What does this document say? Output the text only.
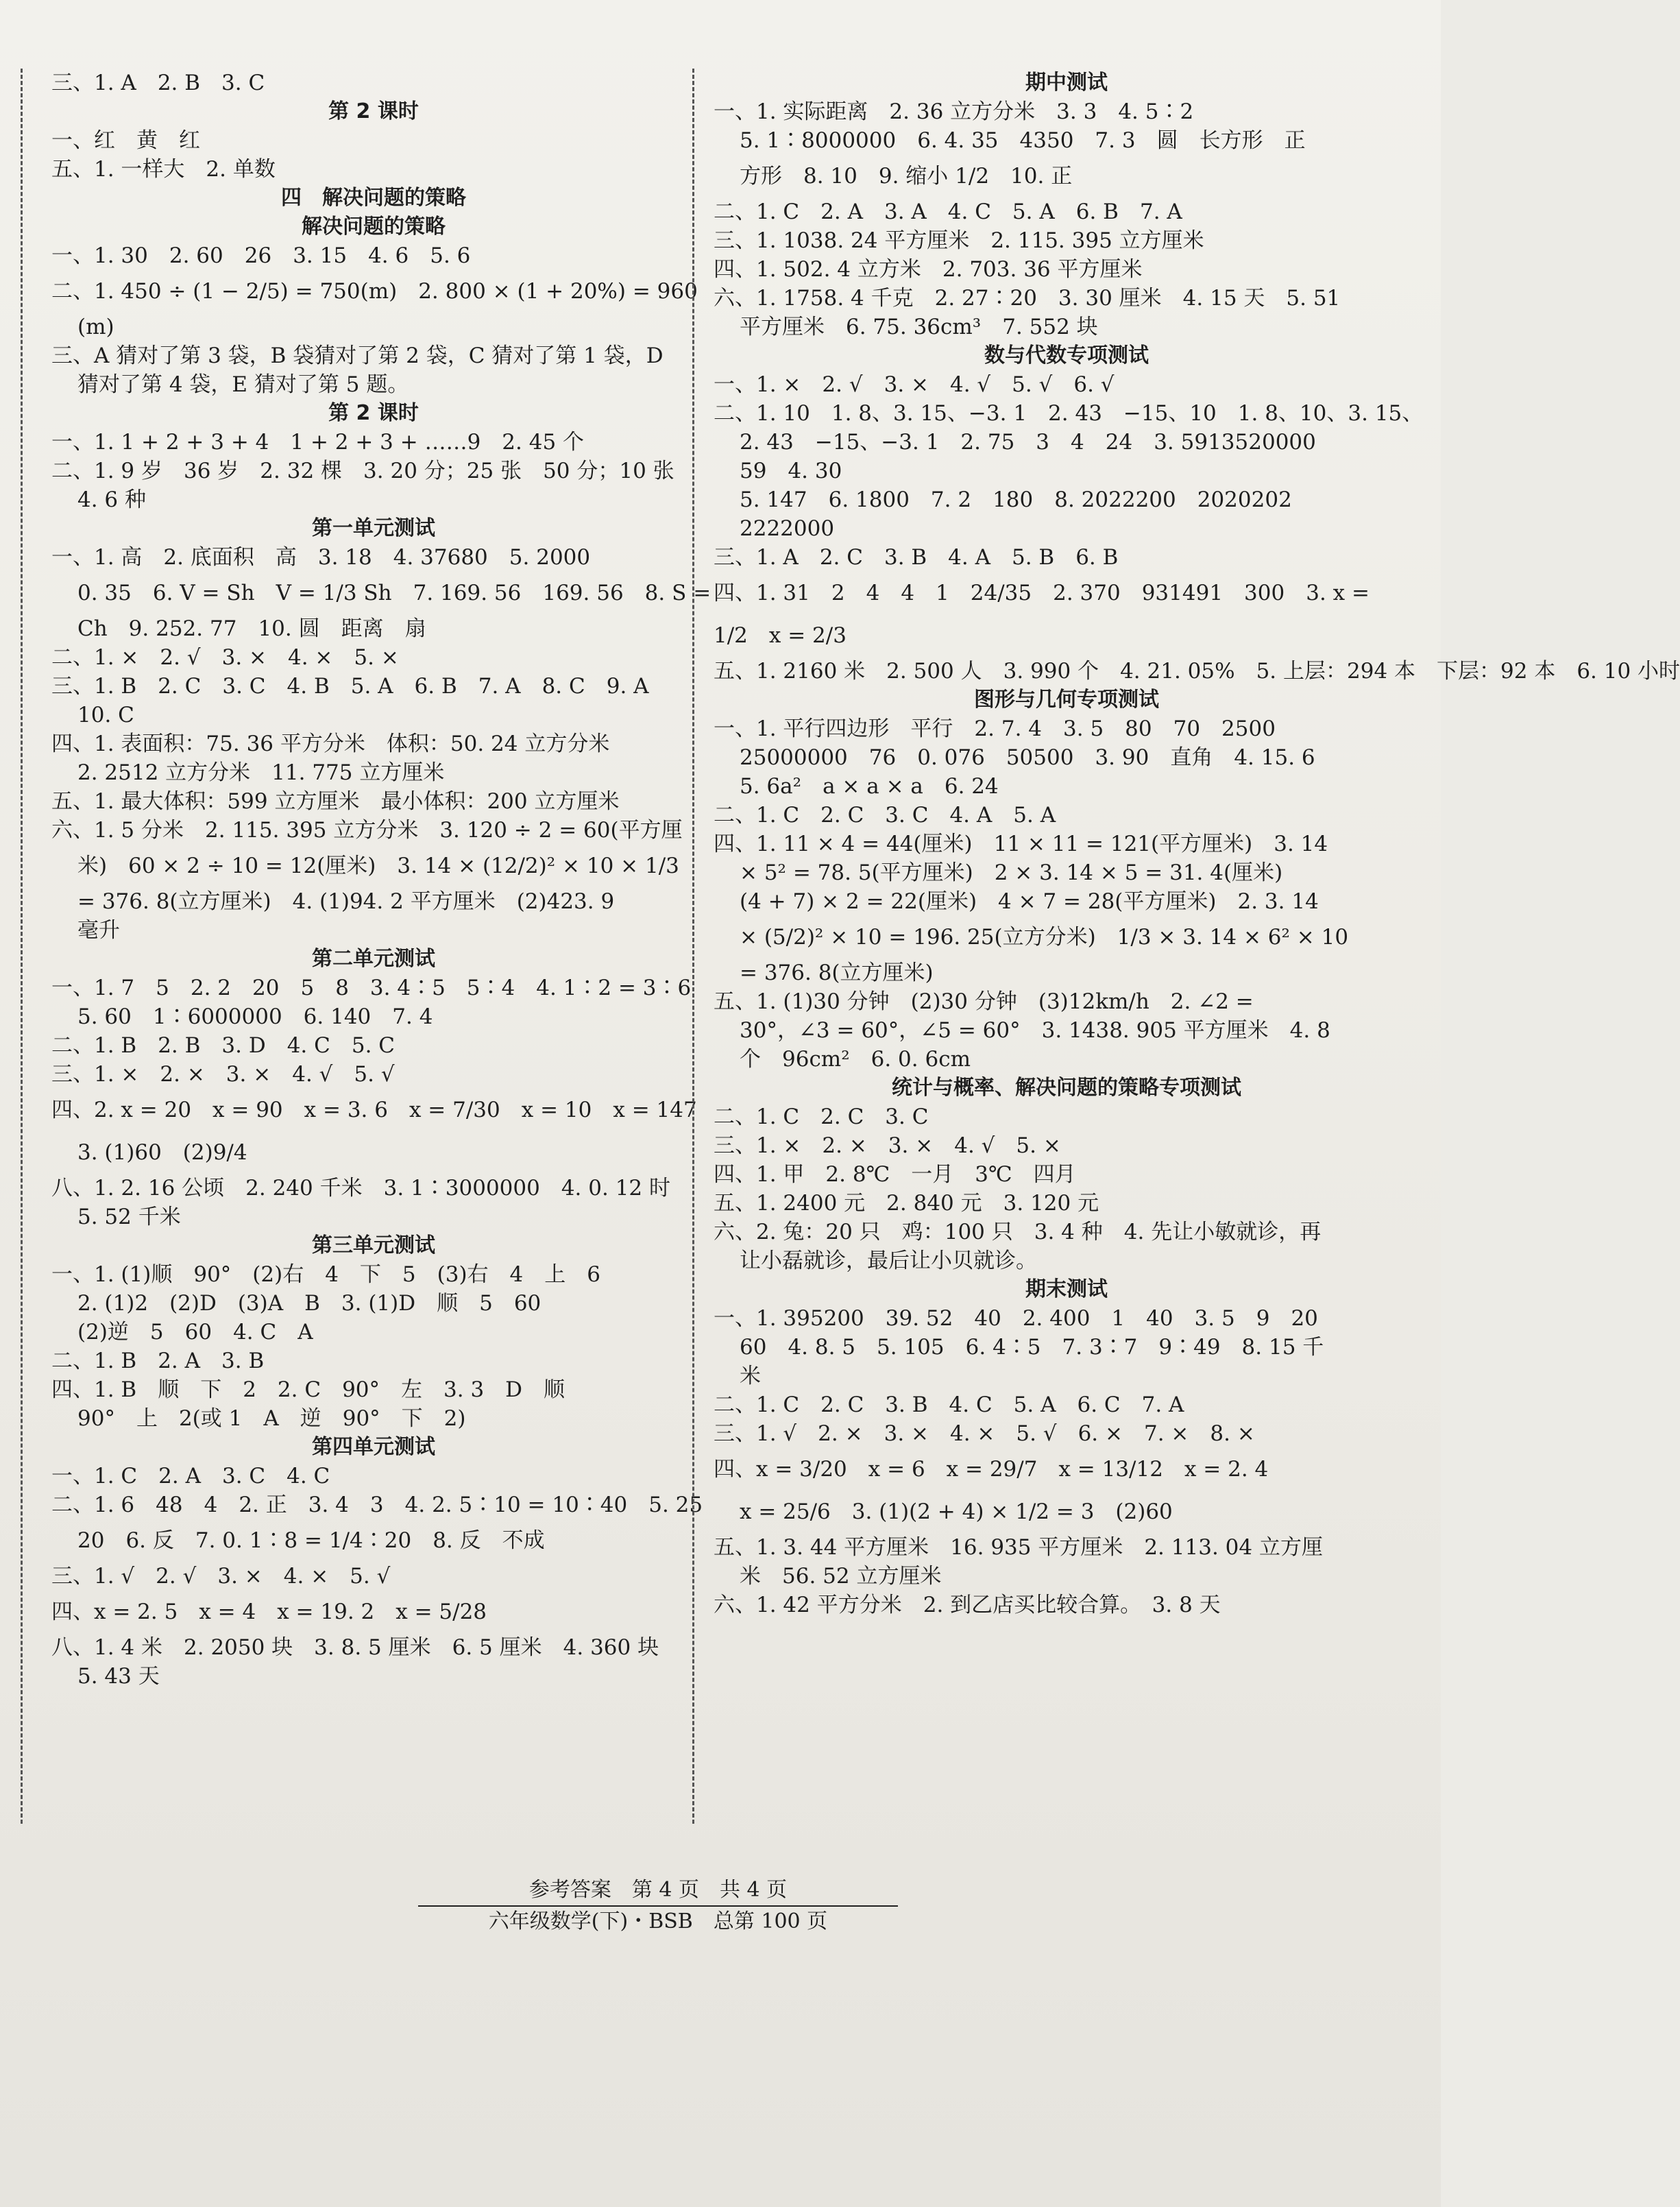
三、1. A　2. B　3. C
第 2 课时
一、红　黄　红
五、1. 一样大　2. 单数
四　解决问题的策略
解决问题的策略
一、1. 30　2. 60　26　3. 15　4. 6　5. 6
二、1. 450 ÷ (1 − 2/5) = 750(m)　2. 800 × (1 + 20%) = 960
(m)
三、A 猜对了第 3 袋，B 袋猜对了第 2 袋，C 猜对了第 1 袋，D
猜对了第 4 袋，E 猜对了第 5 题。
第 2 课时
一、1. 1 + 2 + 3 + 4　1 + 2 + 3 + ……9　2. 45 个
二、1. 9 岁　36 岁　2. 32 棵　3. 20 分；25 张　50 分；10 张
4. 6 种
第一单元测试
一、1. 高　2. 底面积　高　3. 18　4. 37680　5. 2000
0. 35　6. V = Sh　V = 1/3 Sh　7. 169. 56　169. 56　8. S =
Ch　9. 252. 77　10. 圆　距离　扇
二、1. ×　2. √　3. ×　4. ×　5. ×
三、1. B　2. C　3. C　4. B　5. A　6. B　7. A　8. C　9. A
10. C
四、1. 表面积：75. 36 平方分米　体积：50. 24 立方分米
2. 2512 立方分米　11. 775 立方厘米
五、1. 最大体积：599 立方厘米　最小体积：200 立方厘米
六、1. 5 分米　2. 115. 395 立方分米　3. 120 ÷ 2 = 60(平方厘
米)　60 × 2 ÷ 10 = 12(厘米)　3. 14 × (12/2)² × 10 × 1/3
= 376. 8(立方厘米)　4. (1)94. 2 平方厘米　(2)423. 9
毫升
第二单元测试
一、1. 7　5　2. 2　20　5　8　3. 4∶5　5∶4　4. 1∶2 = 3∶6
5. 60　1∶6000000　6. 140　7. 4
二、1. B　2. B　3. D　4. C　5. C
三、1. ×　2. ×　3. ×　4. √　5. √
四、2. x = 20　x = 90　x = 3. 6　x = 7/30　x = 10　x = 147
3. (1)60　(2)9/4
八、1. 2. 16 公顷　2. 240 千米　3. 1∶3000000　4. 0. 12 时
5. 52 千米
第三单元测试
一、1. (1)顺　90°　(2)右　4　下　5　(3)右　4　上　6
2. (1)2　(2)D　(3)A　B　3. (1)D　顺　5　60
(2)逆　5　60　4. C　A
二、1. B　2. A　3. B
四、1. B　顺　下　2　2. C　90°　左　3. 3　D　顺
90°　上　2(或 1　A　逆　90°　下　2)
第四单元测试
一、1. C　2. A　3. C　4. C
二、1. 6　48　4　2. 正　3. 4　3　4. 2. 5∶10 = 10∶40　5. 25
20　6. 反　7. 0. 1∶8 = 1/4∶20　8. 反　不成
三、1. √　2. √　3. ×　4. ×　5. √
四、x = 2. 5　x = 4　x = 19. 2　x = 5/28
八、1. 4 米　2. 2050 块　3. 8. 5 厘米　6. 5 厘米　4. 360 块
5. 43 天
期中测试
一、1. 实际距离　2. 36 立方分米　3. 3　4. 5∶2
5. 1∶8000000　6. 4. 35　4350　7. 3　圆　长方形　正
方形　8. 10　9. 缩小 1/2　10. 正
二、1. C　2. A　3. A　4. C　5. A　6. B　7. A
三、1. 1038. 24 平方厘米　2. 115. 395 立方厘米
四、1. 502. 4 立方米　2. 703. 36 平方厘米
六、1. 1758. 4 千克　2. 27∶20　3. 30 厘米　4. 15 天　5. 51
平方厘米　6. 75. 36cm³　7. 552 块
数与代数专项测试
一、1. ×　2. √　3. ×　4. √　5. √　6. √
二、1. 10　1. 8、3. 15、−3. 1　2. 43　−15、10　1. 8、10、3. 15、
2. 43　−15、−3. 1　2. 75　3　4　24　3. 5913520000
59　4. 30
5. 147　6. 1800　7. 2　180　8. 2022200　2020202
2222000
三、1. A　2. C　3. B　4. A　5. B　6. B
四、1. 31　2　4　4　1　24/35　2. 370　931491　300　3. x =
1/2　x = 2/3
五、1. 2160 米　2. 500 人　3. 990 个　4. 21. 05%　5. 上层：294 本　下层：92 本　6. 10 小时
图形与几何专项测试
一、1. 平行四边形　平行　2. 7. 4　3. 5　80　70　2500
25000000　76　0. 076　50500　3. 90　直角　4. 15. 6
5. 6a²　a × a × a　6. 24
二、1. C　2. C　3. C　4. A　5. A
四、1. 11 × 4 = 44(厘米)　11 × 11 = 121(平方厘米)　3. 14
× 5² = 78. 5(平方厘米)　2 × 3. 14 × 5 = 31. 4(厘米)
(4 + 7) × 2 = 22(厘米)　4 × 7 = 28(平方厘米)　2. 3. 14
× (5/2)² × 10 = 196. 25(立方分米)　1/3 × 3. 14 × 6² × 10
= 376. 8(立方厘米)
五、1. (1)30 分钟　(2)30 分钟　(3)12km/h　2. ∠2 =
30°，∠3 = 60°，∠5 = 60°　3. 1438. 905 平方厘米　4. 8
个　96cm²　6. 0. 6cm
统计与概率、解决问题的策略专项测试
二、1. C　2. C　3. C
三、1. ×　2. ×　3. ×　4. √　5. ×
四、1. 甲　2. 8℃　一月　3℃　四月
五、1. 2400 元　2. 840 元　3. 120 元
六、2. 兔：20 只　鸡：100 只　3. 4 种　4. 先让小敏就诊，再
让小磊就诊，最后让小贝就诊。
期末测试
一、1. 395200　39. 52　40　2. 400　1　40　3. 5　9　20
60　4. 8. 5　5. 105　6. 4∶5　7. 3∶7　9∶49　8. 15 千
米
二、1. C　2. C　3. B　4. C　5. A　6. C　7. A
三、1. √　2. ×　3. ×　4. ×　5. √　6. ×　7. ×　8. ×
四、x = 3/20　x = 6　x = 29/7　x = 13/12　x = 2. 4
x = 25/6　3. (1)(2 + 4) × 1/2 = 3　(2)60
五、1. 3. 44 平方厘米　16. 935 平方厘米　2. 113. 04 立方厘
米　56. 52 立方厘米
六、1. 42 平方分米　2. 到乙店买比较合算。　3. 8 天
参考答案　第 4 页　共 4 页
六年级数学(下)・BSB　总第 100 页
